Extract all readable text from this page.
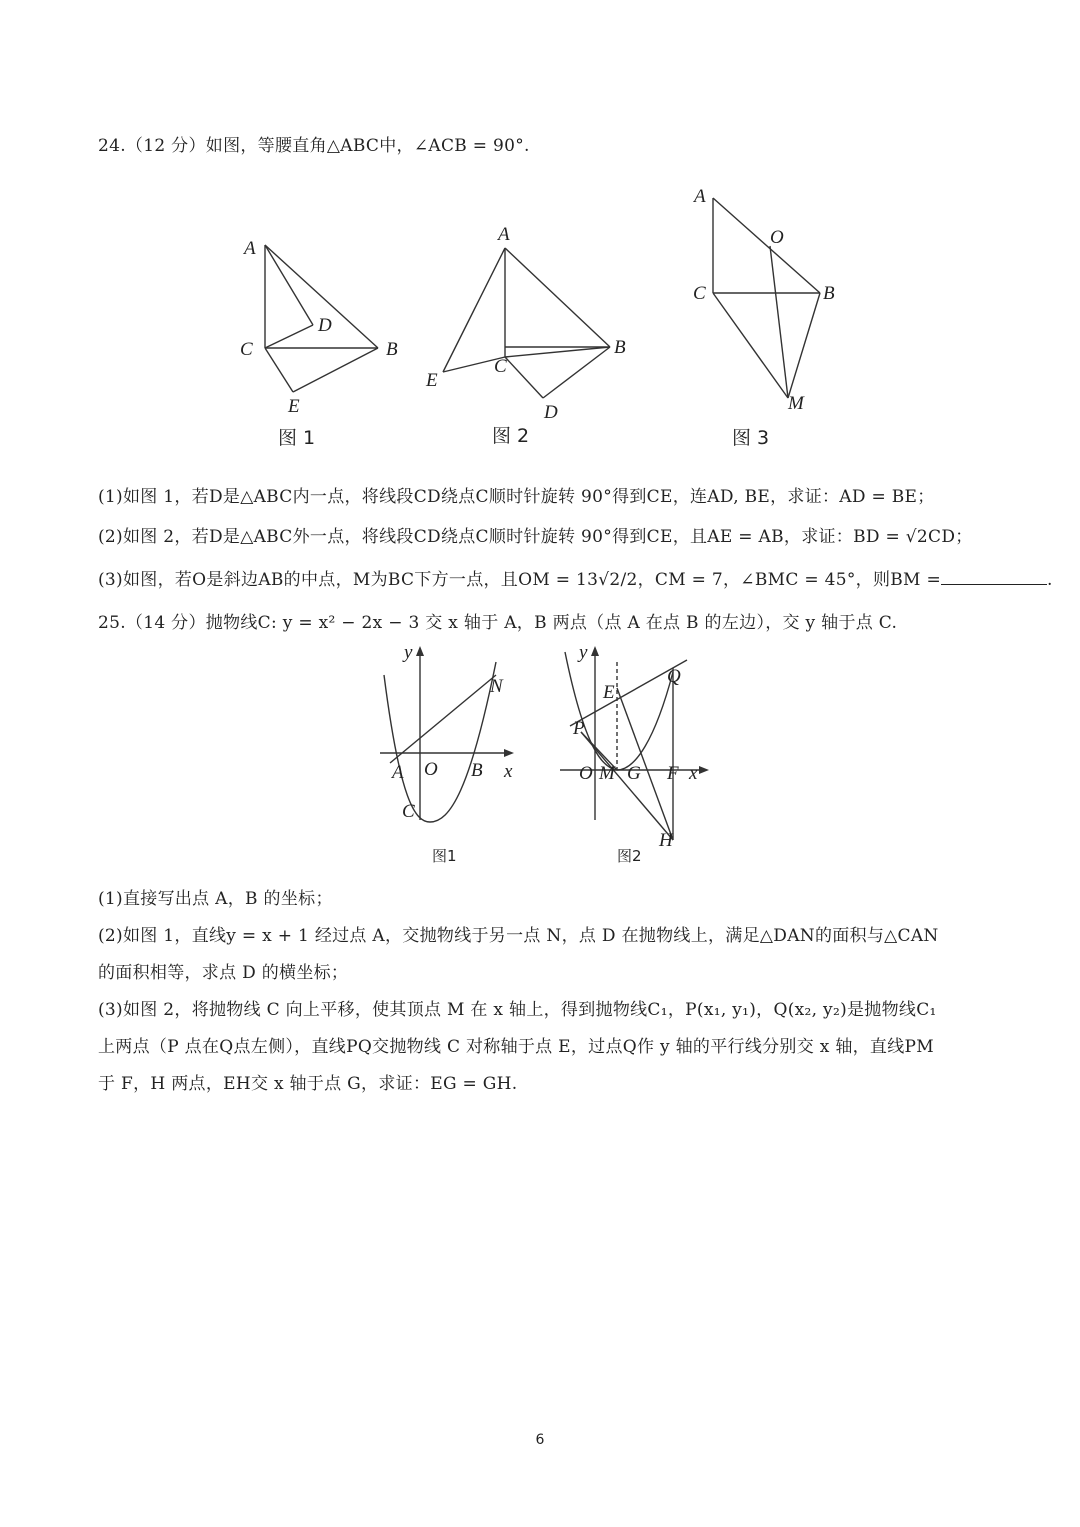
24.（12 分）如图，等腰直角△ABC中，∠ACB = 90°.
A
D
C	B
E
图 1
A
B
C
E
D
图 2
A
O
C	B
M
图 3
(1)如图 1，若D是△ABC内一点，将线段CD绕点C顺时针旋转 90°得到CE，连AD, BE，求证：AD = BE；
(2)如图 2，若D是△ABC外一点，将线段CD绕点C顺时针旋转 90°得到CE，且AE = AB，求证：BD = √2CD；
(3)如图，若O是斜边AB的中点，M为BC下方一点，且OM = 13√2/2，CM = 7，∠BMC = 45°，则BM =	.
25.（14 分）抛物线C: y = x² − 2x − 3 交 x 轴于 A，B 两点（点 A 在点 B 的左边），交 y 轴于点 C.
y
N
A O B x
C
图1
y
E
Q
P
O M G F x
H
图2
(1)直接写出点 A，B 的坐标；
(2)如图 1，直线y = x + 1 经过点 A，交抛物线于另一点 N，点 D 在抛物线上，满足△DAN的面积与△CAN
的面积相等，求点 D 的横坐标；
(3)如图 2，将抛物线 C 向上平移，使其顶点 M 在 x 轴上，得到抛物线C₁，P(x₁, y₁)，Q(x₂, y₂)是抛物线C₁
上两点（P 点在Q点左侧），直线PQ交抛物线 C 对称轴于点 E，过点Q作 y 轴的平行线分别交 x 轴，直线PM
于 F，H 两点，EH交 x 轴于点 G，求证：EG = GH.
6
